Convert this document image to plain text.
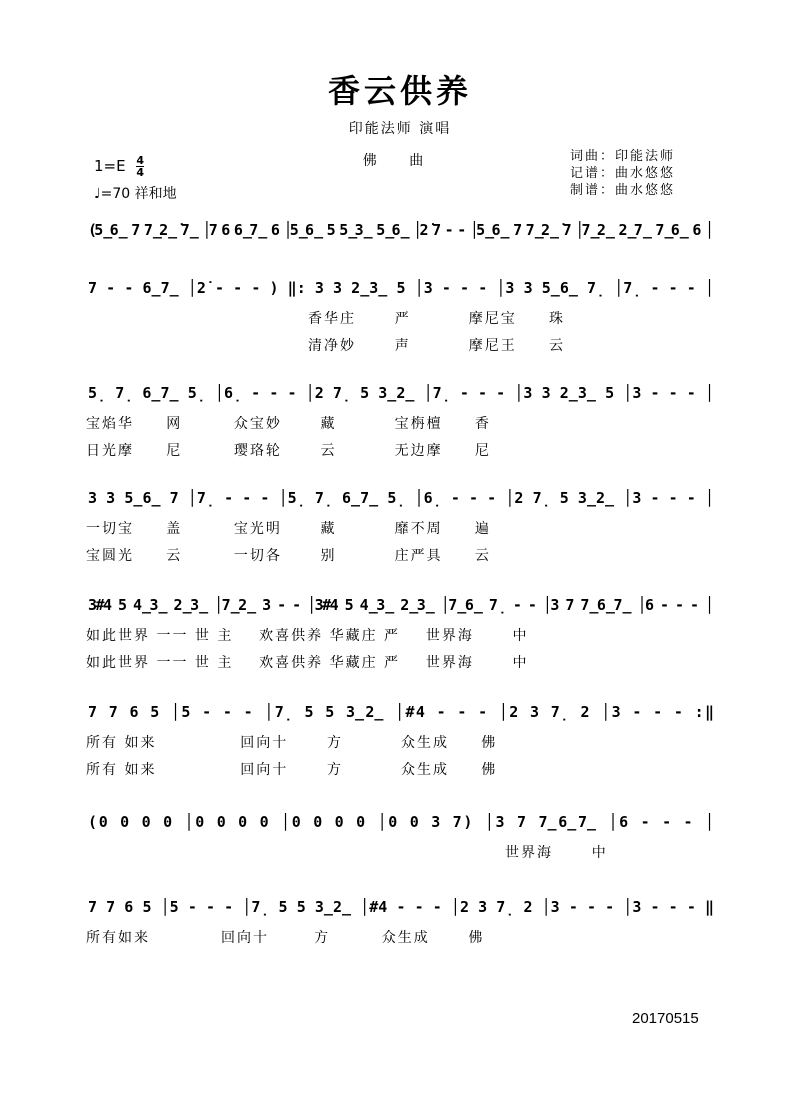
香云供养
印能法师 演唱
佛 曲	词曲：印能法师
记谱：曲水悠悠
制谱：曲水悠悠
$1=E \frac{4}{4}$
♩=70 祥和地
(5̲6̲ 7 7̲2̲̇ 7̲ │7 6 6̲7̲ 6 │5̲6̲ 5 5̲3̲ 5̲6̲ │2̇ 7 - - │5̲6̲ 7 7̲2̲̇ 7 │7̲2̲ 2̲7̲ 7̲6̲ 6 │
7 - - 6̲7̲ │2̇ - - - ) ‖: 3 3 2̲3̲ 5 │3 - - - │3 3 5̲6̲ 7̣ │7̣ - - - │
香华庄      严         摩尼宝     珠
清净妙      声         摩尼王     云
5̣ 7̣ 6̲7̲ 5̣ │6̣ - - - │2 7̣ 5 3̲2̲ │7̣ - - - │3 3 2̲3̲ 5 │3 - - - │
宝焰华     网        众宝妙      藏         宝栴檀     香
日光摩     尼        璎珞轮      云         无边摩     尼
3 3 5̲6̲ 7 │7̣ - - - │5̣ 7̣ 6̲7̲ 5̣ │6̣ - - - │2 7̣ 5 3̲2̲ │3 - - - │
一切宝     盖        宝光明      藏         靡不周     遍
宝圆光     云        一切各      别         庄严具     云
3#4 5 4̲3̲ 2̲3̲ │7̲2̲ 3 - - │3#4 5 4̲3̲ 2̲3̲ │7̲6̲ 7̣ - - │3 7 7̲6̲7̲ │6 - - - │
如此世界 一一 世 主    欢喜供养 华藏庄 严    世界海      中
如此世界 一一 世 主    欢喜供养 华藏庄 严    世界海      中
7 7 6 5 │5 - - - │7̣ 5 5 3̲2̲ │#4 - - - │2 3 7̣ 2 │3 - - - :‖
所有 如来             回向十      方         众生成     佛
所有 如来             回向十      方         众生成     佛
(0 0 0 0 │0 0 0 0 │0 0 0 0 │0 0 3 7) │3 7 7̲6̲7̲ │6 - - - │
世界海      中
7 7 6 5 │5 - - - │7̣ 5 5 3̲2̲ │#4 - - - │2 3 7̣ 2 │3 - - - │3 - - - ‖
所有如来           回向十       方        众生成      佛
20170515
